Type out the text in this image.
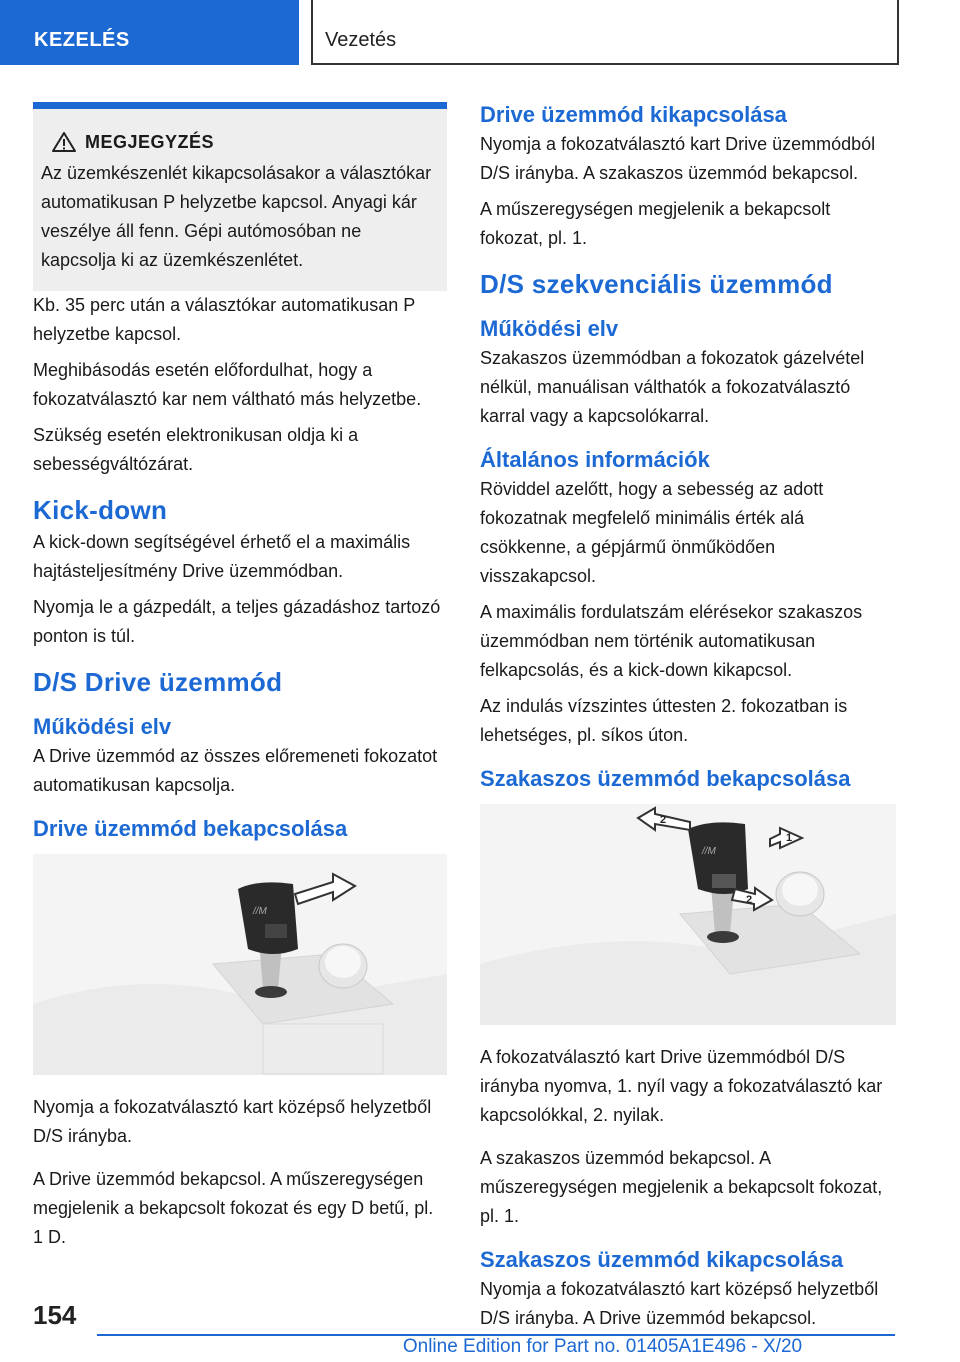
KEZELÉS	Vezetés
MEGJEGYZÉS

Az üzemkészenlét kikapcsolásakor a választókar automatikusan P helyzetbe kapcsol. Anyagi kár veszélye áll fenn. Gépi autómosóban ne kapcsolja ki az üzemkészenlétet.

Kb. 35 perc után a választókar automatikusan P helyzetbe kapcsol.

Meghibásodás esetén előfordulhat, hogy a fokozatválasztó kar nem váltható más helyzetbe.

Szükség esetén elektronikusan oldja ki a sebességváltózárat.

Kick-down

A kick-down segítségével érhető el a maximális hajtásteljesítmény Drive üzemmódban.

Nyomja le a gázpedált, a teljes gázadáshoz tartozó ponton is túl.

D/S Drive üzemmód
Működési elv

A Drive üzemmód az összes előremeneti fokozatot automatikusan kapcsolja.

Drive üzemmód bekapcsolása
//M

Nyomja a fokozatválasztó kart középső helyzetből D/S irányba.

A Drive üzemmód bekapcsol. A műszeregységen megjelenik a bekapcsolt fokozat és egy D betű, pl. 1 D.

Drive üzemmód kikapcsolása

Nyomja a fokozatválasztó kart Drive üzemmódból D/S irányba. A szakaszos üzemmód bekapcsol.

A műszeregységen megjelenik a bekapcsolt fokozat, pl. 1.

D/S szekvenciális üzemmód
Működési elv

Szakaszos üzemmódban a fokozatok gázelvétel nélkül, manuálisan válthatók a fokozatválasztó karral vagy a kapcsolókarral.

Általános információk

Röviddel azelőtt, hogy a sebesség az adott fokozatnak megfelelő minimális érték alá csökkenne, a gépjármű önműködően visszakapcsol.

A maximális fordulatszám elérésekor szakaszos üzemmódban nem történik automatikusan felkapcsolás, és a kick-down kikapcsol.

Az indulás vízszintes úttesten 2. fokozatban is lehetséges, pl. síkos úton.

Szakaszos üzemmód bekapcsolása
//M
1
2
2

A fokozatválasztó kart Drive üzemmódból D/S irányba nyomva, 1. nyíl vagy a fokozatválasztó kar kapcsolókkal, 2. nyilak.

A szakaszos üzemmód bekapcsol. A műszeregységen megjelenik a bekapcsolt fokozat, pl. 1.

Szakaszos üzemmód kikapcsolása

Nyomja a fokozatválasztó kart középső helyzetből D/S irányba. A Drive üzemmód bekapcsol.

154
Online Edition for Part no. 01405A1E496 - X/20
